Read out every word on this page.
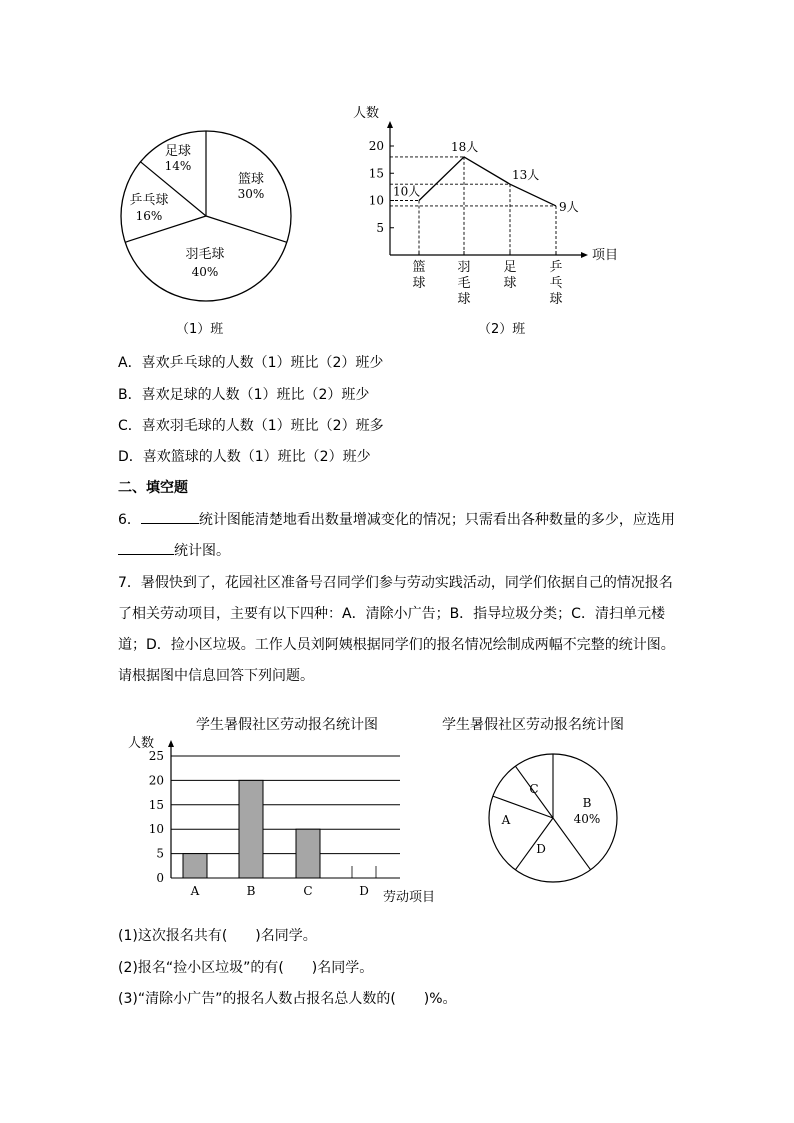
篮球
30%
羽毛球
40%
乒乓球
16%
足球
14%
（1）班
人数
项目
5
10
15
20
篮
球
羽
毛
球
足
球
乒
乓
球
10人
18人
13人
9人
（2）班
A．喜欢乒乓球的人数（1）班比（2）班少
B．喜欢足球的人数（1）班比（2）班少
C．喜欢羽毛球的人数（1）班比（2）班多
D．喜欢篮球的人数（1）班比（2）班少
二、填空题
6．	统计图能清楚地看出数量增减变化的情况；只需看出各种数量的多少，应选用
统计图。
7．暑假快到了，花园社区准备号召同学们参与劳动实践活动，同学们依据自己的情况报名
了相关劳动项目，主要有以下四种：A．清除小广告；B．指导垃圾分类；C．清扫单元楼
道；D．捡小区垃圾。工作人员刘阿姨根据同学们的报名情况绘制成两幅不完整的统计图。
请根据图中信息回答下列问题。
学生暑假社区劳动报名统计图
人数
0
5
10
15
20
25
A	B	C	D 劳动项目
学生暑假社区劳动报名统计图
B
40%
D
A
C
(1)这次报名共有(　　)名同学。
(2)报名“捡小区垃圾”的有(　　)名同学。
(3)“清除小广告”的报名人数占报名总人数的(　　)%。
